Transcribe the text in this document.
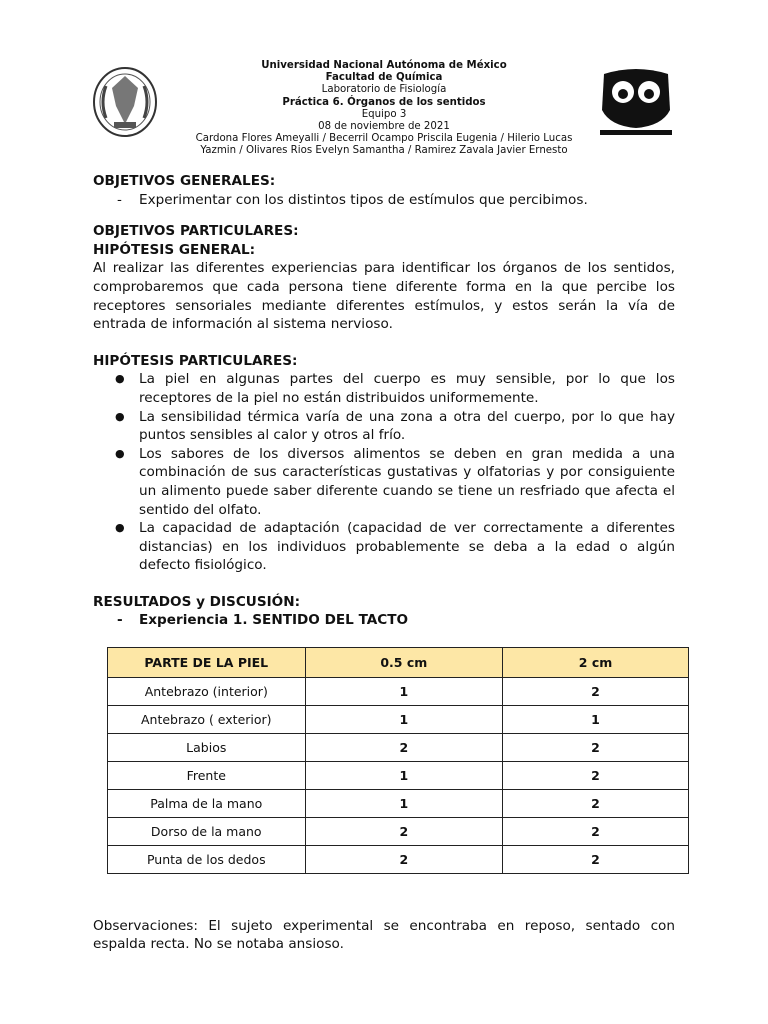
Universidad Nacional Autónoma de México
Facultad de Química
Laboratorio de Fisiología
Práctica 6. Órganos de los sentidos
Equipo 3
08 de noviembre de 2021
Cardona Flores Ameyalli / Becerril Ocampo Priscila Eugenia / Hilerio Lucas
Yazmin / Olivares Rios Evelyn Samantha / Ramirez Zavala Javier Ernesto

OBJETIVOS GENERALES:

- Experimentar con los distintos tipos de estímulos que percibimos.

OBJETIVOS PARTICULARES:

HIPÓTESIS GENERAL:

Al realizar las diferentes experiencias para identificar los órganos de los sentidos, comprobaremos que cada persona tiene diferente forma en la que percibe los receptores sensoriales mediante diferentes estímulos, y estos serán la vía de entrada de información al sistema nervioso.

HIPÓTESIS PARTICULARES:

● La piel en algunas partes del cuerpo es muy sensible, por lo que los receptores de la piel no están distribuidos uniformemente.
● La sensibilidad térmica varía de una zona a otra del cuerpo, por lo que hay puntos sensibles al calor y otros al frío.
● Los sabores de los diversos alimentos se deben en gran medida a una combinación de sus características gustativas y olfatorias y por consiguiente un alimento puede saber diferente cuando se tiene un resfriado que afecta el sentido del olfato.
● La capacidad de adaptación (capacidad de ver correctamente a diferentes distancias) en los individuos probablemente se deba a la edad o algún defecto fisiológico.

RESULTADOS y DISCUSIÓN:

- Experiencia 1. SENTIDO DEL TACTO

PARTE DE LA PIEL	0.5 cm	2 cm
Antebrazo (interior)	1	2
Antebrazo ( exterior)	1	1
Labios	2	2
Frente	1	2
Palma de la mano	1	2
Dorso de la mano	2	2
Punta de los dedos	2	2

Observaciones: El sujeto experimental se encontraba en reposo, sentado con espalda recta. No se notaba ansioso.
